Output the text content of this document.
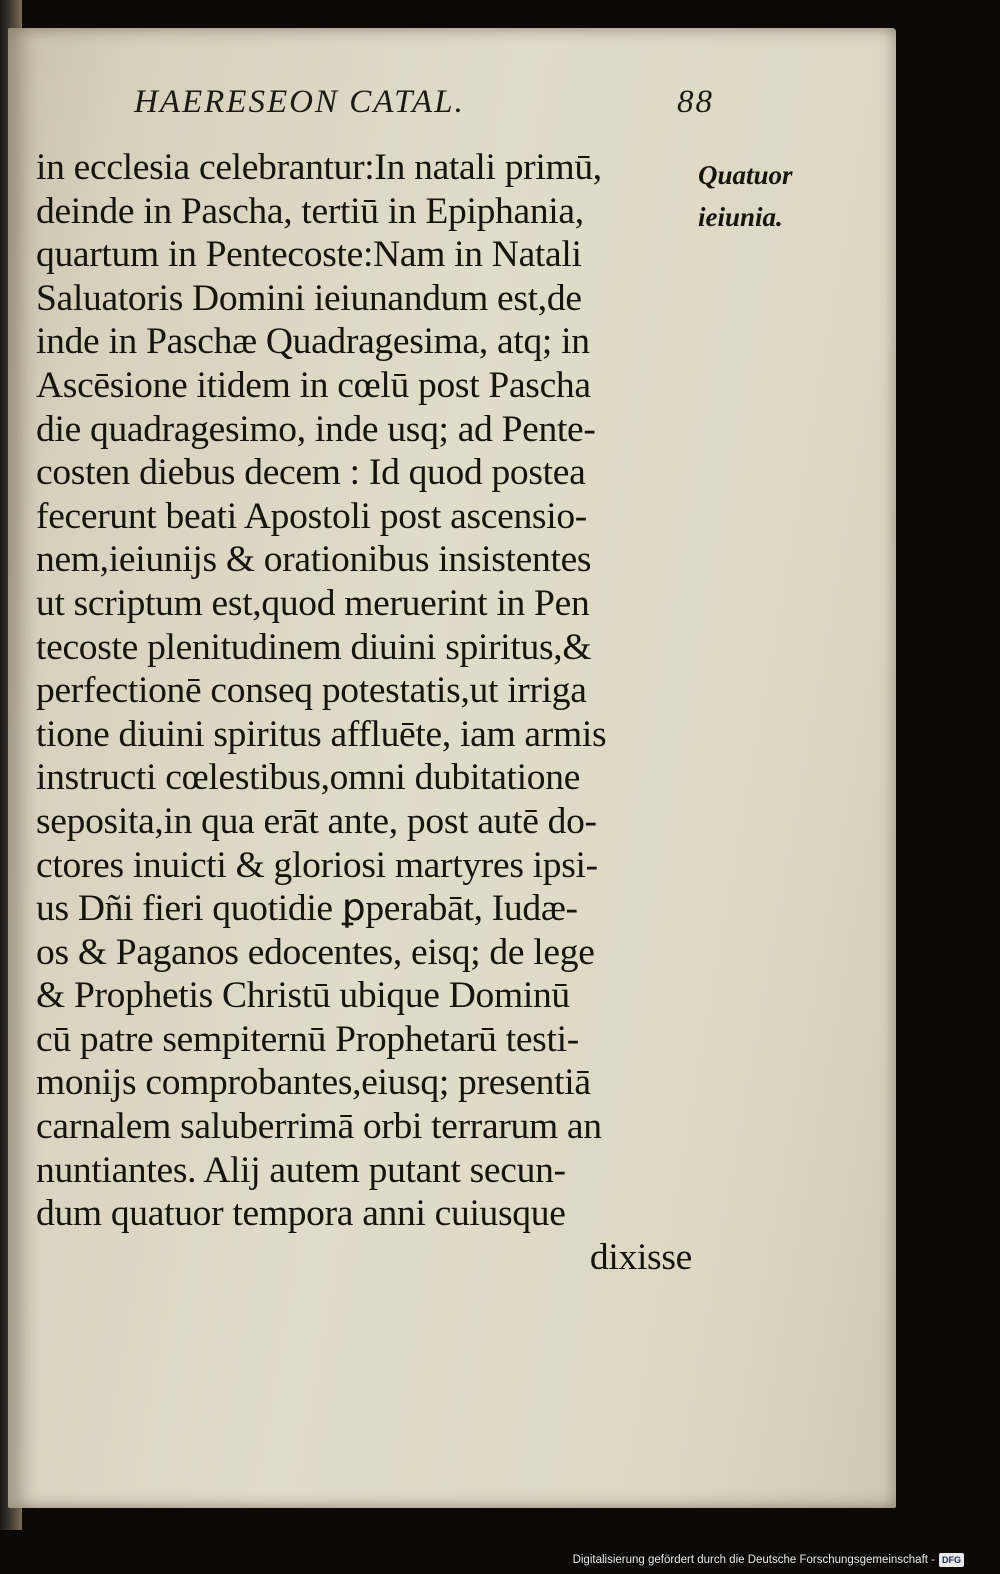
HAERESEON CATAL.	88
Quatuor
ieiunia.
in ecclesia celebrantur:In natali primū,
deinde in Pascha, tertiū in Epiphania,
quartum in Pentecoste:Nam in Natali
Saluatoris Domini ieiunandum est,de
inde in Paschæ Quadragesima, atq; in
Ascēsione itidem in cœlū post Pascha
die quadragesimo, inde usq; ad Pente-
costen diebus decem : Id quod postea
fecerunt beati Apostoli post ascensio-
nem,ieiunijs & orationibus insistentes
ut scriptum est,quod meruerint in Pen
tecoste plenitudinem diuini spiritus,&
perfectionē conseq potestatis,ut irriga
tione diuini spiritus affluēte, iam armis
instructi cœlestibus,omni dubitatione
seposita,in qua erāt ante, post autē do-
ctores inuicti & gloriosi martyres ipsi-
us Dñi fieri quotidie ꝑperabāt, Iudæ-
os & Paganos edocentes, eisq; de lege
& Prophetis Christū ubique Dominū
cū patre sempiternū Prophetarū testi-
monijs comprobantes,eiusq; presentiā
carnalem saluberrimā orbi terrarum an
nuntiantes. Alij autem putant secun-
dum quatuor tempora anni cuiusque
dixisse
Digitalisierung gefördert durch die Deutsche Forschungsgemeinschaft - DFG
